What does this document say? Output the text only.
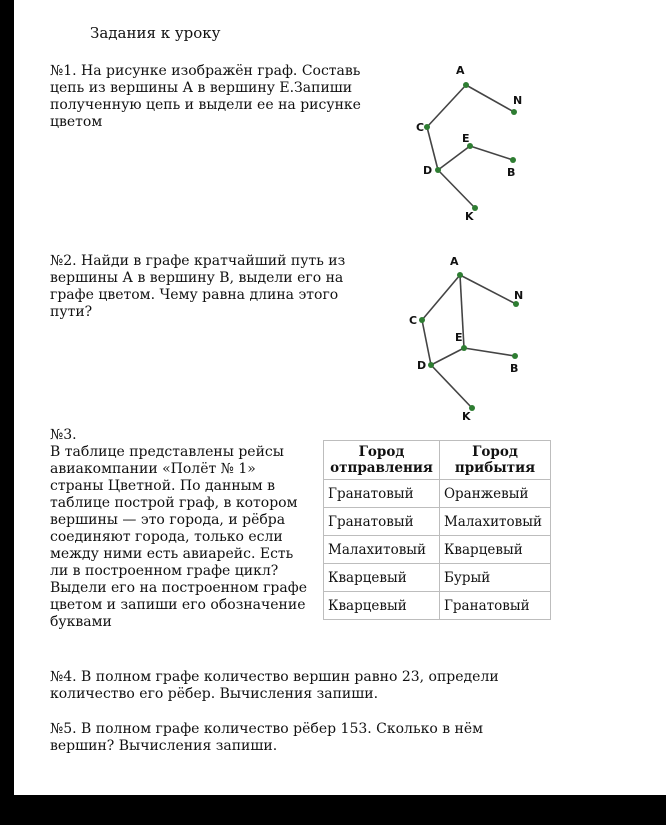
Задания к уроку

№1. На рисунке изображён граф. Составь
цепь из вершины А в вершину Е.Запиши
полученную цепь и выдели ее на рисунке
цветом

A
N
C
E
D	B
K

№2. Найди в графе кратчайший путь из
вершины А в вершину В, выдели его на
графе цветом. Чему равна длина этого
пути?

A
N
C
E
D	B
K

№3.
В таблице представлены рейсы
авиакомпании «Полёт № 1»
страны Цветной. По данным в
таблице построй граф, в котором
вершины — это города, и рёбра
соединяют города, только если
между ними есть авиарейс. Есть
ли в построенном графе цикл?
Выдели его на построенном графе
цветом и запиши его обозначение
буквами

Город
отправления	Город
прибытия
Гранатовый	Оранжевый
Гранатовый	Малахитовый
Малахитовый	Кварцевый
Кварцевый	Бурый
Кварцевый	Гранатовый

№4. В полном графе количество вершин равно 23, определи
количество его рёбер. Вычисления запиши.

№5. В полном графе количество рёбер 153. Сколько в нём
вершин? Вычисления запиши.
